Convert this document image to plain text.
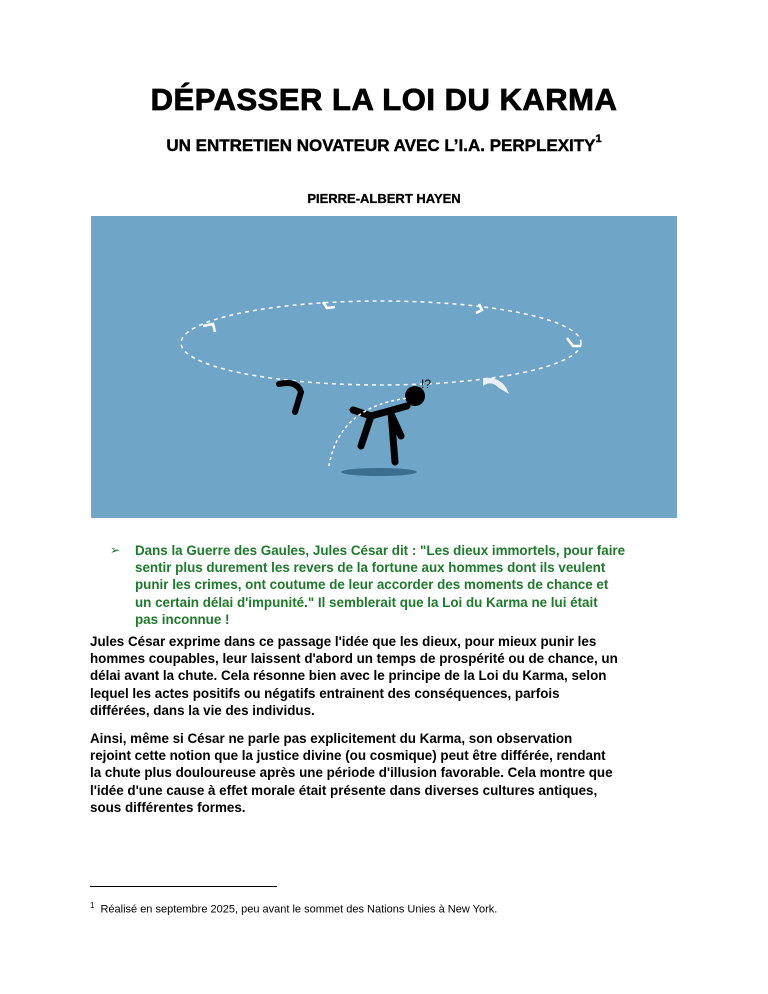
DÉPASSER LA LOI DU KARMA
UN ENTRETIEN NOVATEUR AVEC L’I.A. PERPLEXITY$^1$
PIERRE-ALBERT HAYEN
!?
➢ Dans la Guerre des Gaules, Jules César dit : "Les dieux immortels, pour faire
sentir plus durement les revers de la fortune aux hommes dont ils veulent
punir les crimes, ont coutume de leur accorder des moments de chance et
un certain délai d'impunité." Il semblerait que la Loi du Karma ne lui était
pas inconnue !
Jules César exprime dans ce passage l'idée que les dieux, pour mieux punir les
hommes coupables, leur laissent d'abord un temps de prospérité ou de chance, un
délai avant la chute. Cela résonne bien avec le principe de la Loi du Karma, selon
lequel les actes positifs ou négatifs entrainent des conséquences, parfois
différées, dans la vie des individus.
Ainsi, même si César ne parle pas explicitement du Karma, son observation
rejoint cette notion que la justice divine (ou cosmique) peut être différée, rendant
la chute plus douloureuse après une période d'illusion favorable. Cela montre que
l'idée d'une cause à effet morale était présente dans diverses cultures antiques,
sous différentes formes.
$^1$ Réalisé en septembre 2025, peu avant le sommet des Nations Unies à New York.
